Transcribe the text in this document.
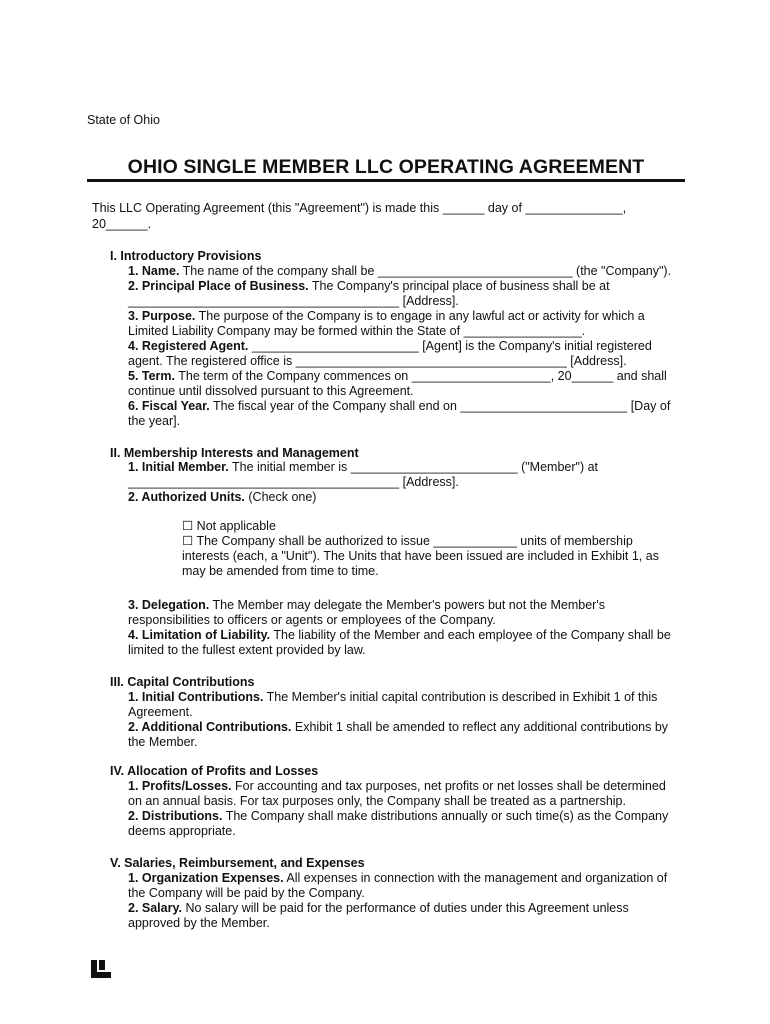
State of Ohio
OHIO SINGLE MEMBER LLC OPERATING AGREEMENT
This LLC Operating Agreement (this "Agreement") is made this ______ day of ______________,
20______.
I. Introductory Provisions

1. Name. The name of the company shall be ____________________________ (the "Company").

2. Principal Place of Business. The Company's principal place of business shall be at

_______________________________________ [Address].

3. Purpose. The purpose of the Company is to engage in any lawful act or activity for which a

Limited Liability Company may be formed within the State of _________________.

4. Registered Agent. ________________________ [Agent] is the Company's initial registered

agent. The registered office is _______________________________________ [Address].

5. Term. The term of the Company commences on ____________________, 20______ and shall

continue until dissolved pursuant to this Agreement.

6. Fiscal Year. The fiscal year of the Company shall end on ________________________ [Day of

the year].

II. Membership Interests and Management

1. Initial Member. The initial member is ________________________ ("Member") at

_______________________________________ [Address].

2. Authorized Units. (Check one)

☐ Not applicable

☐ The Company shall be authorized to issue ____________ units of membership

interests (each, a "Unit"). The Units that have been issued are included in Exhibit 1, as

may be amended from time to time.

3. Delegation. The Member may delegate the Member's powers but not the Member's

responsibilities to officers or agents or employees of the Company.

4. Limitation of Liability. The liability of the Member and each employee of the Company shall be

limited to the fullest extent provided by law.

III. Capital Contributions

1. Initial Contributions. The Member's initial capital contribution is described in Exhibit 1 of this

Agreement.

2. Additional Contributions. Exhibit 1 shall be amended to reflect any additional contributions by

the Member.

IV. Allocation of Profits and Losses

1. Profits/Losses. For accounting and tax purposes, net profits or net losses shall be determined

on an annual basis. For tax purposes only, the Company shall be treated as a partnership.

2. Distributions. The Company shall make distributions annually or such time(s) as the Company

deems appropriate.

V. Salaries, Reimbursement, and Expenses

1. Organization Expenses. All expenses in connection with the management and organization of

the Company will be paid by the Company.

2. Salary. No salary will be paid for the performance of duties under this Agreement unless

approved by the Member.
